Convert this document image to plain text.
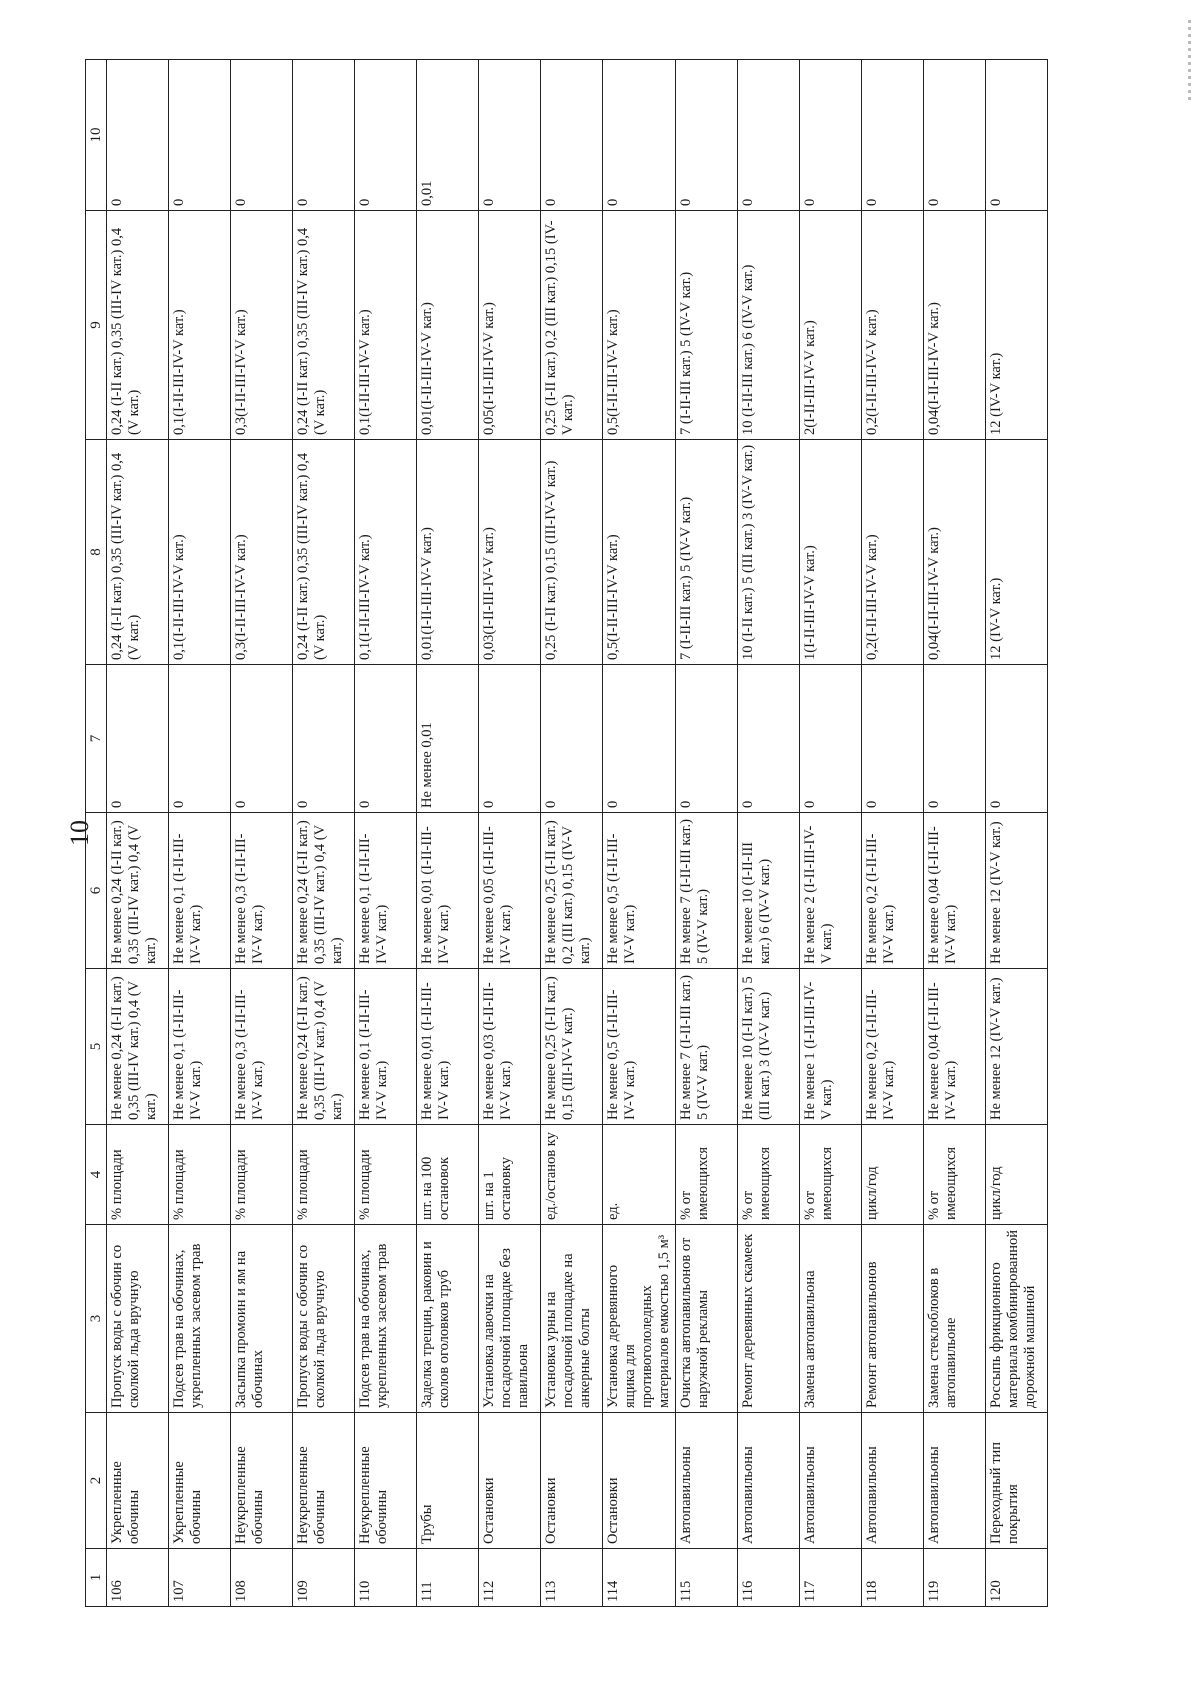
10
1	2	3	4	5	6	7	8	9	10
106	Укрепленные обочины	Пропуск воды с обочин со сколкой льда вручную	% площади	Не менее 0,24 (I-II кат.) 0,35 (III-IV кат.) 0,4 (V кат.)	Не менее 0,24 (I-II кат.) 0,35 (III-IV кат.) 0,4 (V кат.)	0	0,24 (I-II кат.) 0,35 (III-IV кат.) 0,4 (V кат.)	0,24 (I-II кат.) 0,35 (III-IV кат.) 0,4 (V кат.)	0
107	Укрепленные обочины	Подсев трав на обочинах, укрепленных засевом трав	% площади	Не менее 0,1 (I-II-III-IV-V кат.)	Не менее 0,1 (I-II-III-IV-V кат.)	0	0,1(I-II-III-IV-V кат.)	0,1(I-II-III-IV-V кат.)	0
108	Неукрепленные обочины	Засыпка промоин и ям на обочинах	% площади	Не менее 0,3 (I-II-III-IV-V кат.)	Не менее 0,3 (I-II-III-IV-V кат.)	0	0,3(I-II-III-IV-V кат.)	0,3(I-II-III-IV-V кат.)	0
109	Неукрепленные обочины	Пропуск воды с обочин со сколкой льда вручную	% площади	Не менее 0,24 (I-II кат.) 0,35 (III-IV кат.) 0,4 (V кат.)	Не менее 0,24 (I-II кат.) 0,35 (III-IV кат.) 0,4 (V кат.)	0	0,24 (I-II кат.) 0,35 (III-IV кат.) 0,4 (V кат.)	0,24 (I-II кат.) 0,35 (III-IV кат.) 0,4 (V кат.)	0
110	Неукрепленные обочины	Подсев трав на обочинах, укрепленных засевом трав	% площади	Не менее 0,1 (I-II-III-IV-V кат.)	Не менее 0,1 (I-II-III-IV-V кат.)	0	0,1(I-II-III-IV-V кат.)	0,1(I-II-III-IV-V кат.)	0
111	Трубы	Заделка трещин, раковин и сколов оголовков труб	шт. на 100 остановок	Не менее 0,01 (I-II-III-IV-V кат.)	Не менее 0,01 (I-II-III-IV-V кат.)	Не менее 0,01	0,01(I-II-III-IV-V кат.)	0,01(I-II-III-IV-V кат.)	0,01
112	Остановки	Установка лавочки на посадочной площадке без павильона	шт. на 1 остановку	Не менее 0,03 (I-II-III-IV-V кат.)	Не менее 0,05 (I-II-III-IV-V кат.)	0	0,03(I-II-III-IV-V кат.)	0,05(I-II-III-IV-V кат.)	0
113	Остановки	Установка урны на посадочной площадке на анкерные болты	ед./останов ку	Не менее 0,25 (I-II кат.) 0,15 (III-IV-V кат.)	Не менее 0,25 (I-II кат.) 0,2 (III кат.) 0,15 (IV-V кат.)	0	0,25 (I-II кат.) 0,15 (III-IV-V кат.)	0,25 (I-II кат.) 0,2 (III кат.) 0,15 (IV-V кат.)	0
114	Остановки	Установка деревянного ящика для противогололедных материалов емкостью 1,5 м³	ед.	Не менее 0,5 (I-II-III-IV-V кат.)	Не менее 0,5 (I-II-III-IV-V кат.)	0	0,5(I-II-III-IV-V кат.)	0,5(I-II-III-IV-V кат.)	0
115	Автопавильоны	Очистка автопавильонов от наружной рекламы	% от имеющихся	Не менее 7 (I-II-III кат.) 5 (IV-V кат.)	Не менее 7 (I-II-III кат.) 5 (IV-V кат.)	0	7 (I-II-III кат.) 5 (IV-V кат.)	7 (I-II-III кат.) 5 (IV-V кат.)	0
116	Автопавильоны	Ремонт деревянных скамеек	% от имеющихся	Не менее 10 (I-II кат.) 5 (III кат.) 3 (IV-V кат.)	Не менее 10 (I-II-III кат.) 6 (IV-V кат.)	0	10 (I-II кат.) 5 (III кат.) 3 (IV-V кат.)	10 (I-II-III кат.) 6 (IV-V кат.)	0
117	Автопавильоны	Замена автопавильона	% от имеющихся	Не менее 1 (I-II-III-IV-V кат.)	Не менее 2 (I-II-III-IV-V кат.)	0	1(I-II-III-IV-V кат.)	2(I-II-III-IV-V кат.)	0
118	Автопавильоны	Ремонт автопавильонов	цикл/год	Не менее 0,2 (I-II-III-IV-V кат.)	Не менее 0,2 (I-II-III-IV-V кат.)	0	0,2(I-II-III-IV-V кат.)	0,2(I-II-III-IV-V кат.)	0
119	Автопавильоны	Замена стеклоблоков в автопавильоне	% от имеющихся	Не менее 0,04 (I-II-III-IV-V кат.)	Не менее 0,04 (I-II-III-IV-V кат.)	0	0,04(I-II-III-IV-V кат.)	0,04(I-II-III-IV-V кат.)	0
120	Переходный тип покрытия	Россыпь фрикционного материала комбинированной дорожной машиной	цикл/год	Не менее 12 (IV-V кат.)	Не менее 12 (IV-V кат.)	0	12 (IV-V кат.)	12 (IV-V кат.)	0
